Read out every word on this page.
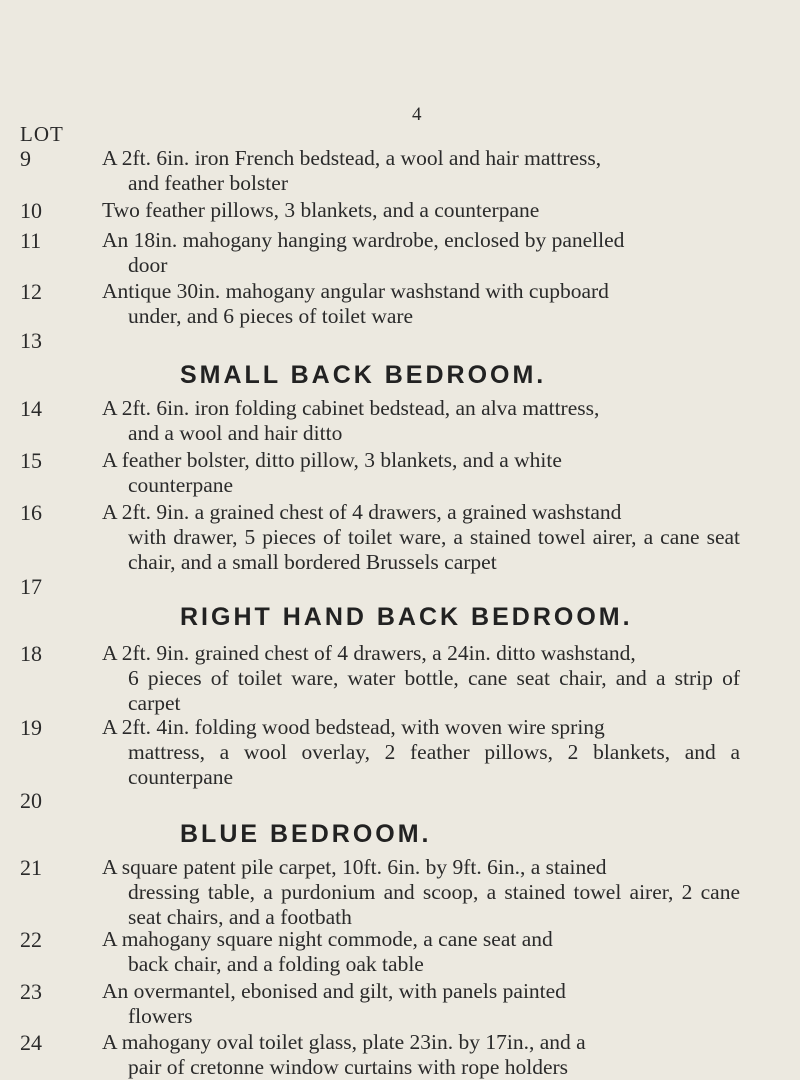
4
LOT
9	A 2ft. 6in. iron French bedstead, a wool and hair mattress,
and feather bolster
10	Two feather pillows, 3 blankets, and a counterpane
11	An 18in. mahogany hanging wardrobe, enclosed by panelled
door
12	Antique 30in. mahogany angular washstand with cupboard
under, and 6 pieces of toilet ware
13
SMALL BACK BEDROOM.
14	A 2ft. 6in. iron folding cabinet bedstead, an alva mattress,
and a wool and hair ditto
15	A feather bolster, ditto pillow, 3 blankets, and a white
counterpane
16	A 2ft. 9in. a grained chest of 4 drawers, a grained washstand
with drawer, 5 pieces of toilet ware, a stained towel airer, a cane seat chair, and a small bordered Brussels carpet
17
RIGHT HAND BACK BEDROOM.
18	A 2ft. 9in. grained chest of 4 drawers, a 24in. ditto washstand,
6 pieces of toilet ware, water bottle, cane seat chair, and a strip of carpet
19	A 2ft. 4in. folding wood bedstead, with woven wire spring
mattress, a wool overlay, 2 feather pillows, 2 blankets, and a counterpane
20
BLUE BEDROOM.
21	A square patent pile carpet, 10ft. 6in. by 9ft. 6in., a stained
dressing table, a purdonium and scoop, a stained towel airer, 2 cane seat chairs, and a footbath
22	A mahogany square night commode, a cane seat and
back chair, and a folding oak table
23	An overmantel, ebonised and gilt, with panels painted
flowers
24	A mahogany oval toilet glass, plate 23in. by 17in., and a
pair of cretonne window curtains with rope holders
